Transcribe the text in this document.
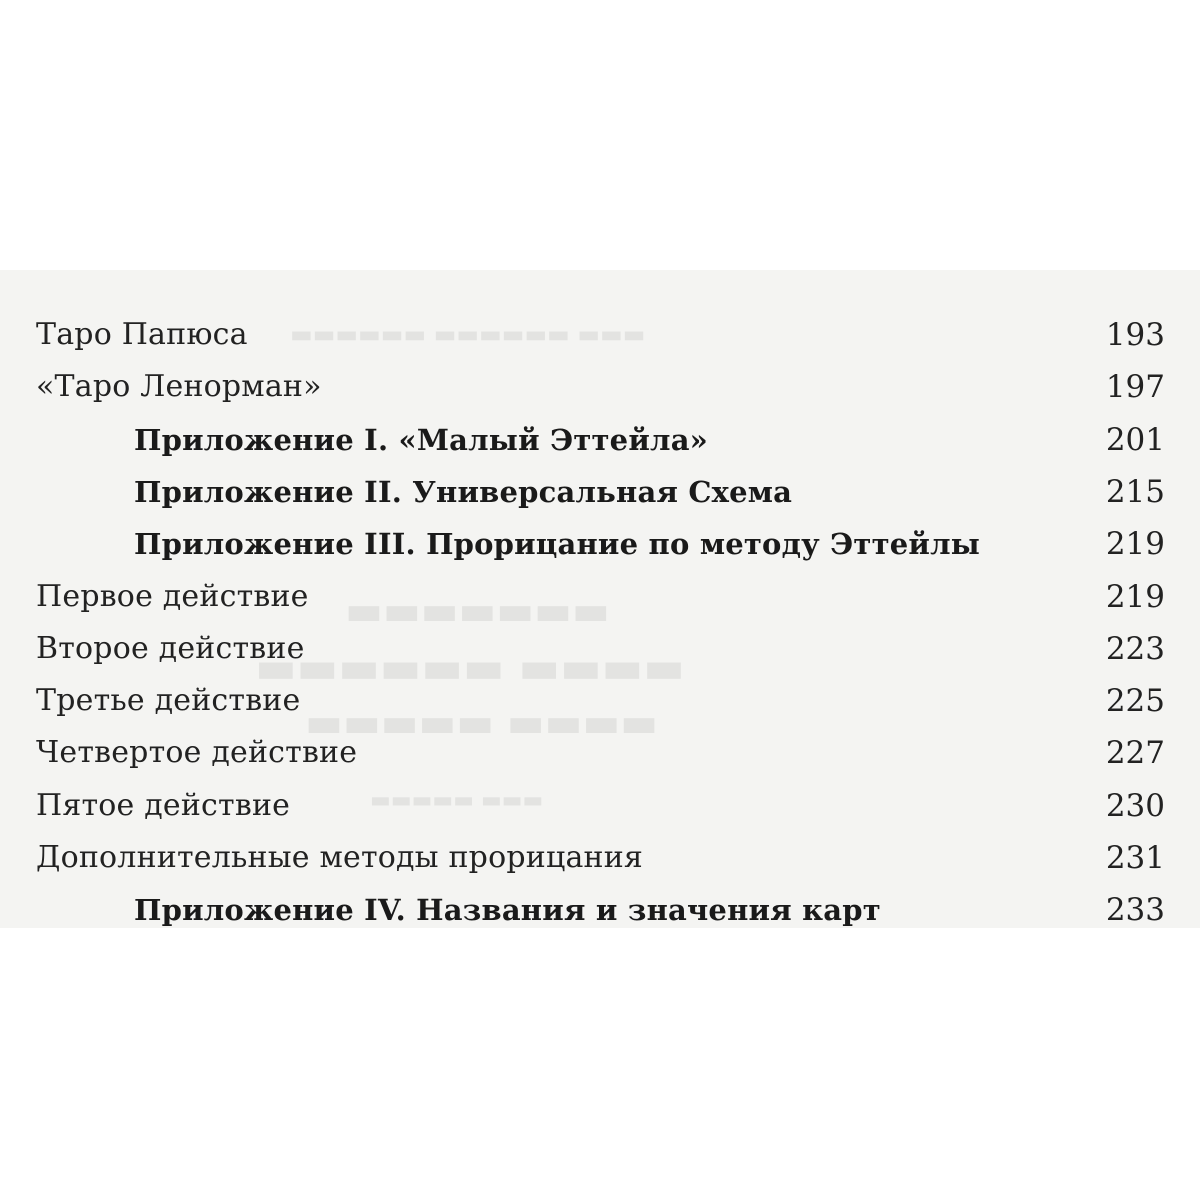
▬▬▬ ▬▬▬▬▬▬ ▬▬▬▬▬▬
▬▬▬▬▬▬▬
▬▬▬▬ ▬▬▬▬▬▬
▬▬▬▬ ▬▬▬▬▬
▬▬▬ ▬▬▬▬▬
Таро Папюса	193
«Таро Ленорман»	197
Приложение I. «Малый Эттейла»	201
Приложение II. Универсальная Схема	215
Приложение III. Прорицание по методу Эттейлы	219
Первое действие	219
Второе действие	223
Третье действие	225
Четвертое действие	227
Пятое действие	230
Дополнительные методы прорицания	231
Приложение IV. Названия и значения карт	233
